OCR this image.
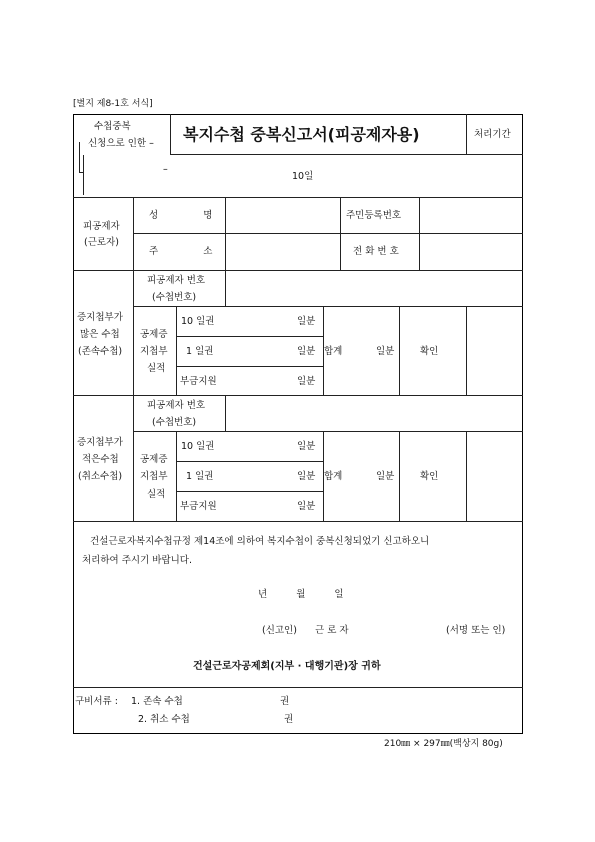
[별지 제8-1호 서식]
수첩중복
신청으로 인한 –
–
복지수첩 중복신고서(피공제자용)	처리기간
10일
피공제자
(근로자)
성 명	주민등록번호
주 소	전 화 번 호
증지첩부가
많은 수첩
(존속수첩)
피공제자 번호
(수첩번호)
공제증
지첩부
실적
10 일권	일분
1 일권	일분
부금지원	일분
합계	일분	확인
증지첩부가
적은수첩
(취소수첩)
피공제자 번호
(수첩번호)
공제증
지첩부
실적
10 일권	일분
1 일권	일분
부금지원	일분
합계	일분	확인
건설근로자복지수첩규정 제14조에 의하여 복지수첩이 중복신청되었기 신고하오니
처리하여 주시기 바랍니다.
년 월 일
(신고인) 근 로 자	(서명 또는 인)
건설근로자공제회(지부 · 대행기관)장 귀하
구비서류 : 1. 존속 수첩	권
2. 취소 수첩	권
210㎜ × 297㎜(백상지 80g)
